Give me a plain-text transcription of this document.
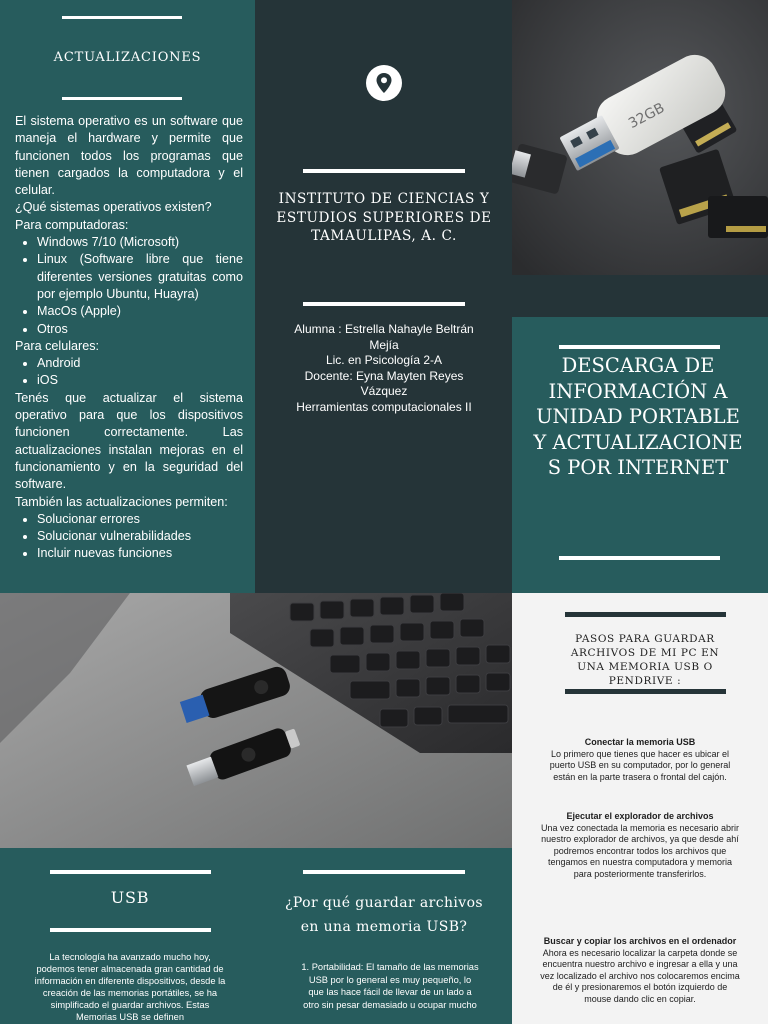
ACTUALIZACIONES

El sistema operativo es un software que maneja el hardware y permite que funcionen todos los programas que tienen cargados la computadora y el celular.

¿Qué sistemas operativos existen?

Para computadoras:

• Windows 7/10 (Microsoft)
• Linux (Software libre que tiene diferentes versiones gratuitas como por ejemplo Ubuntu, Huayra)
• MacOs (Apple)
• Otros

Para celulares:

• Android
• iOS

Tenés que actualizar el sistema operativo para que los dispositivos funcionen correctamente. Las actualizaciones instalan mejoras en el funcionamiento y en la seguridad del software.

También las actualizaciones permiten:

• Solucionar errores
• Solucionar vulnerabilidades
• Incluir nuevas funciones
INSTITUTO DE CIENCIAS Y ESTUDIOS SUPERIORES DE TAMAULIPAS, A. C.
Alumna : Estrella Nahayle Beltrán Mejía
Lic. en Psicología 2-A
Docente: Eyna Mayten Reyes Vázquez
Herramientas computacionales II
32GB
DESCARGA DE INFORMACIÓN A UNIDAD PORTABLE Y ACTUALIZACIONE S POR INTERNET
PASOS PARA GUARDAR ARCHIVOS DE MI PC EN UNA MEMORIA USB O PENDRIVE :
Conectar la memoria USB
Lo primero que tienes que hacer es ubicar el puerto USB en su computador, por lo general están en la parte trasera o frontal del cajón.
Ejecutar el explorador de archivos
Una vez conectada la memoria es necesario abrir nuestro explorador de archivos, ya que desde ahí podremos encontrar todos los archivos que tengamos en nuestra computadora y memoria para posteriormente transferirlos.
Buscar y copiar los archivos en el ordenador
Ahora es necesario localizar la carpeta donde se encuentra nuestro archivo e ingresar a ella y una vez localizado el archivo nos colocaremos encima de él y presionaremos el botón izquierdo de mouse dando clic en copiar.
USB
La tecnología ha avanzado mucho hoy, podemos tener almacenada gran cantidad de información en diferente dispositivos, desde la creación de las memorias portátiles, se ha simplificado el guardar archivos. Estas Memorias USB se definen
¿Por qué guardar archivos en una memoria USB?
1. Portabilidad: El tamaño de las memorias USB por lo general es muy pequeño, lo que las hace fácil de llevar de un lado a otro sin pesar demasiado u ocupar mucho
